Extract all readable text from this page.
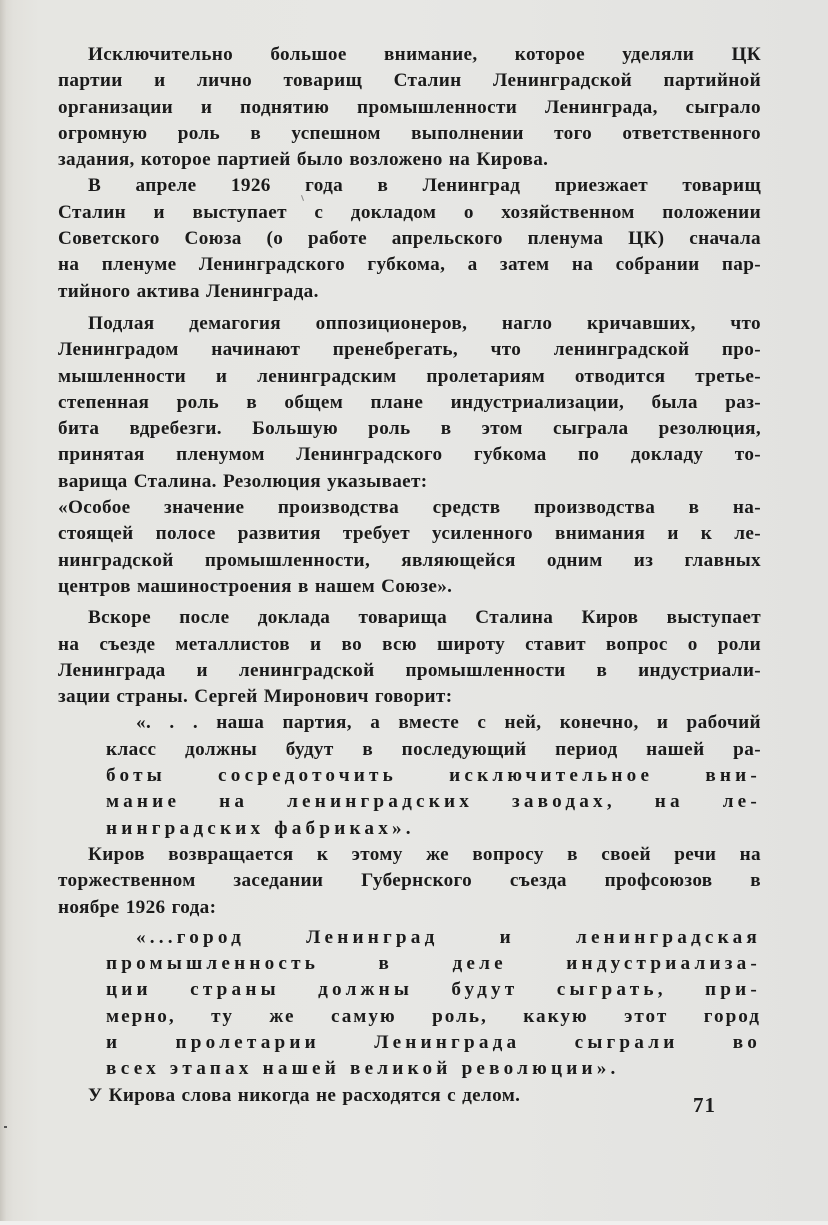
Исключительно большое внимание, которое уделяли ЦК
партии и лично товарищ Сталин Ленинградской партийной
организации и поднятию промышленности Ленинграда, сыграло
огромную роль в успешном выполнении того ответственного
задания, которое партией было возложено на Кирова.

В апреле 1926 года в Ленинград приезжает товарищ
Сталин и выступает с докладом о хозяйственном положении
Советского Союза (о работе апрельского пленума ЦК) сначала
на пленуме Ленинградского губкома, а затем на собрании пар-
тийного актива Ленинграда.

Подлая демагогия оппозиционеров, нагло кричавших, что
Ленинградом начинают пренебрегать, что ленинградской про-
мышленности и ленинградским пролетариям отводится третье-
степенная роль в общем плане индустриализации, была раз-
бита вдребезги. Большую роль в этом сыграла резолюция,
принятая пленумом Ленинградского губкома по докладу то-
варища Сталина. Резолюция указывает:

«Особое значение производства средств производства в на-
стоящей полосе развития требует усиленного внимания и к ле-
нинградской промышленности, являющейся одним из главных
центров машиностроения в нашем Союзе».

Вскоре после доклада товарища Сталина Киров выступает
на съезде металлистов и во всю широту ставит вопрос о роли
Ленинграда и ленинградской промышленности в индустриали-
зации страны. Сергей Миронович говорит:

«. . . наша партия, а вместе с ней, конечно, и рабочий
класс должны будут в последующий период нашей ра-
боты сосредоточить исключительное вни-
мание на ленинградских заводах, на ле-
нинградских фабриках».

Киров возвращается к этому же вопросу в своей речи на
торжественном заседании Губернского съезда профсоюзов в
ноябре 1926 года:

«...город Ленинград и ленинградская
промышленность в деле индустриализа-
ции страны должны будут сыграть, при-
мерно, ту же самую роль, какую этот город
и пролетарии Ленинграда сыграли во
всех этапах нашей великой революции».

У Кирова слова никогда не расходятся с делом.	71
